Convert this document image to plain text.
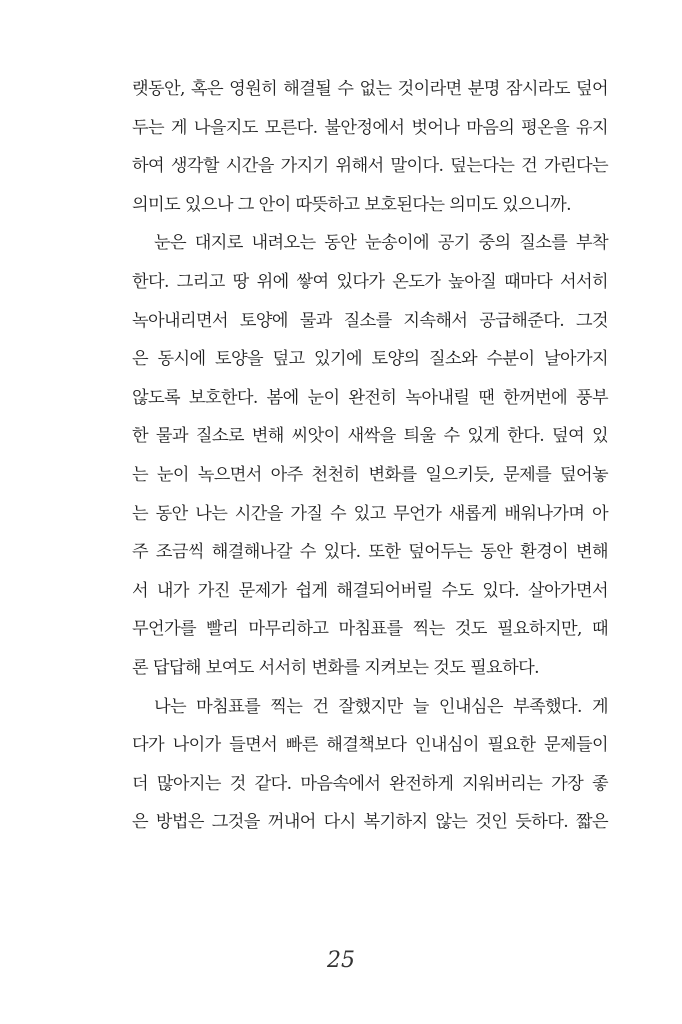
랫동안, 혹은 영원히 해결될 수 없는 것이라면 분명 잠시라도 덮어
두는 게 나을지도 모른다. 불안정에서 벗어나 마음의 평온을 유지
하여 생각할 시간을 가지기 위해서 말이다. 덮는다는 건 가린다는
의미도 있으나 그 안이 따뜻하고 보호된다는 의미도 있으니까.
눈은 대지로 내려오는 동안 눈송이에 공기 중의 질소를 부착
한다. 그리고 땅 위에 쌓여 있다가 온도가 높아질 때마다 서서히
녹아내리면서 토양에 물과 질소를 지속해서 공급해준다. 그것
은 동시에 토양을 덮고 있기에 토양의 질소와 수분이 날아가지
않도록 보호한다. 봄에 눈이 완전히 녹아내릴 땐 한꺼번에 풍부
한 물과 질소로 변해 씨앗이 새싹을 틔울 수 있게 한다. 덮여 있
는 눈이 녹으면서 아주 천천히 변화를 일으키듯, 문제를 덮어놓
는 동안 나는 시간을 가질 수 있고 무언가 새롭게 배워나가며 아
주 조금씩 해결해나갈 수 있다. 또한 덮어두는 동안 환경이 변해
서 내가 가진 문제가 쉽게 해결되어버릴 수도 있다. 살아가면서
무언가를 빨리 마무리하고 마침표를 찍는 것도 필요하지만, 때
론 답답해 보여도 서서히 변화를 지켜보는 것도 필요하다.
나는 마침표를 찍는 건 잘했지만 늘 인내심은 부족했다. 게
다가 나이가 들면서 빠른 해결책보다 인내심이 필요한 문제들이
더 많아지는 것 같다. 마음속에서 완전하게 지워버리는 가장 좋
은 방법은 그것을 꺼내어 다시 복기하지 않는 것인 듯하다. 짧은
25
